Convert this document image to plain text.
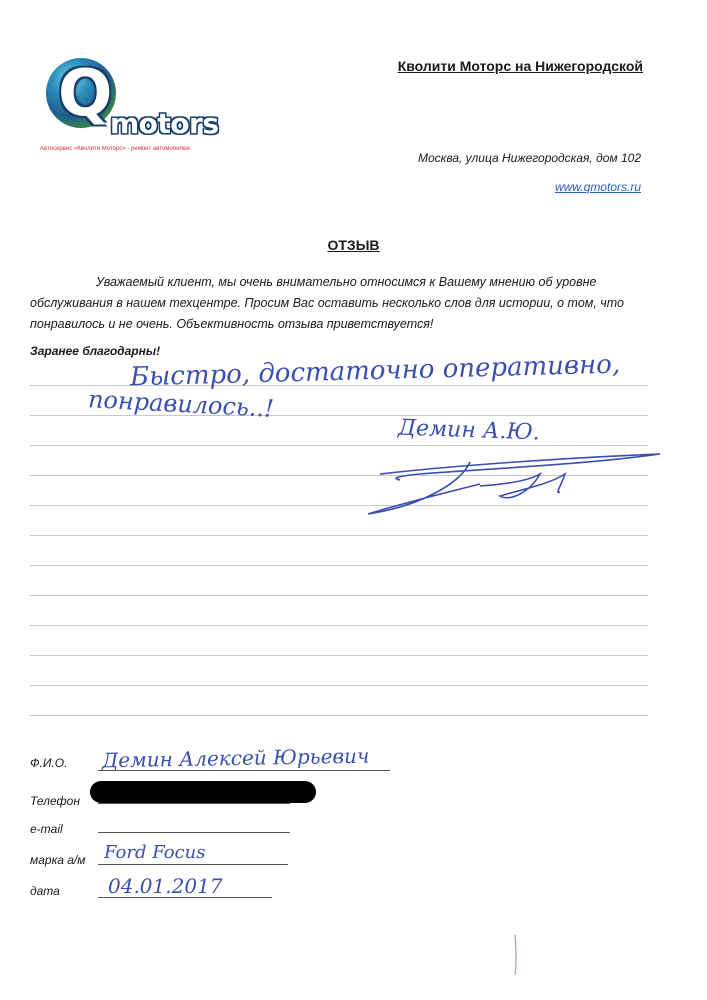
Q
motors
Автосервис «Кволити Моторс» - ремонт автомобилей
Кволити Моторс на Нижегородской
Москва, улица Нижегородская, дом 102
www.qmotors.ru
ОТЗЫВ

Уважаемый клиент, мы очень внимательно относимся к Вашему мнению об уровне обслуживания в нашем техцентре. Просим Вас оставить несколько слов для истории, о том, что понравилось и не очень. Объективность отзыва приветствуется!

Заранее благодарны!
Быстро, достаточно оперативно,
понравилось..!
Демин А.Ю.
Ф.И.О. Демин Алексей Юрьевич
Телефон
e-mail
марка а/м Ford Focus
дата 04.01.2017
